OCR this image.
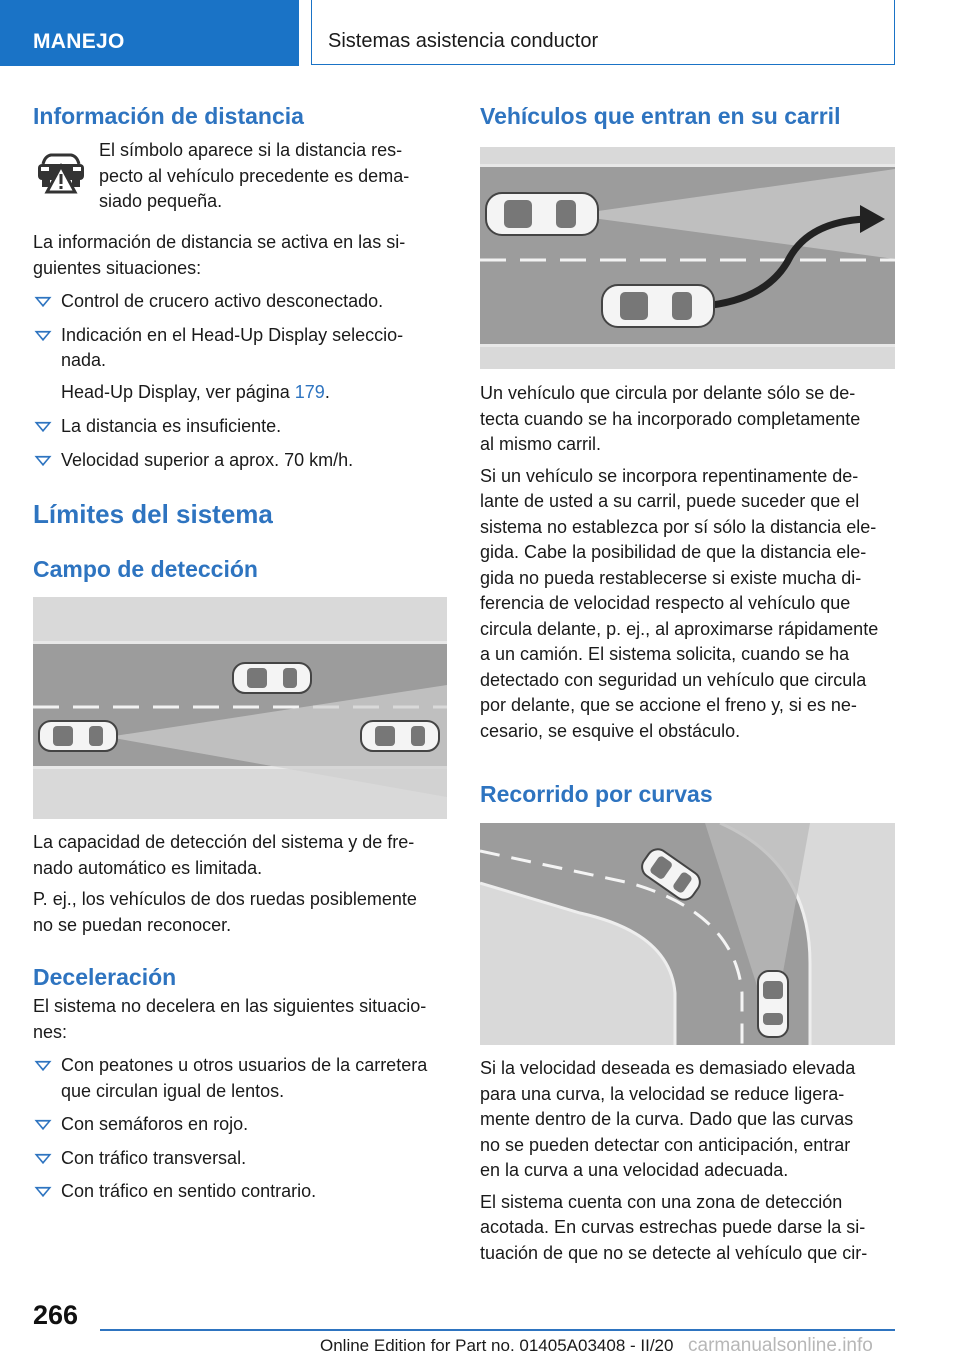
MANEJO	Sistemas asistencia conductor
Información de distancia

El símbolo aparece si la distancia res-
pecto al vehículo precedente es dema-
siado pequeña.

La información de distancia se activa en las si-
guientes situaciones:

Control de crucero activo desconectado.
Indicación en el Head-Up Display seleccio-
nada.
Head-Up Display, ver página 179.
La distancia es insuficiente.
Velocidad superior a aprox. 70 km/h.
Límites del sistema
Campo de detección

La capacidad de detección del sistema y de fre-
nado automático es limitada.

P. ej., los vehículos de dos ruedas posiblemente
no se puedan reconocer.

Deceleración

El sistema no decelera en las siguientes situacio-
nes:

Con peatones u otros usuarios de la carretera
que circulan igual de lentos.
Con semáforos en rojo.
Con tráfico transversal.
Con tráfico en sentido contrario.
Vehículos que entran en su carril

Un vehículo que circula por delante sólo se de-
tecta cuando se ha incorporado completamente
al mismo carril.

Si un vehículo se incorpora repentinamente de-
lante de usted a su carril, puede suceder que el
sistema no establezca por sí sólo la distancia ele-
gida. Cabe la posibilidad de que la distancia ele-
gida no pueda restablecerse si existe mucha di-
ferencia de velocidad respecto al vehículo que
circula delante, p. ej., al aproximarse rápidamente
a un camión. El sistema solicita, cuando se ha
detectado con seguridad un vehículo que circula
por delante, que se accione el freno y, si es ne-
cesario, se esquive el obstáculo.

Recorrido por curvas

Si la velocidad deseada es demasiado elevada
para una curva, la velocidad se reduce ligera-
mente dentro de la curva. Dado que las curvas
no se pueden detectar con anticipación, entrar
en la curva a una velocidad adecuada.

El sistema cuenta con una zona de detección
acotada. En curvas estrechas puede darse la si-
tuación de que no se detecte al vehículo que cir-

266
Online Edition for Part no. 01405A03408 - II/20 carmanualsonline.info
